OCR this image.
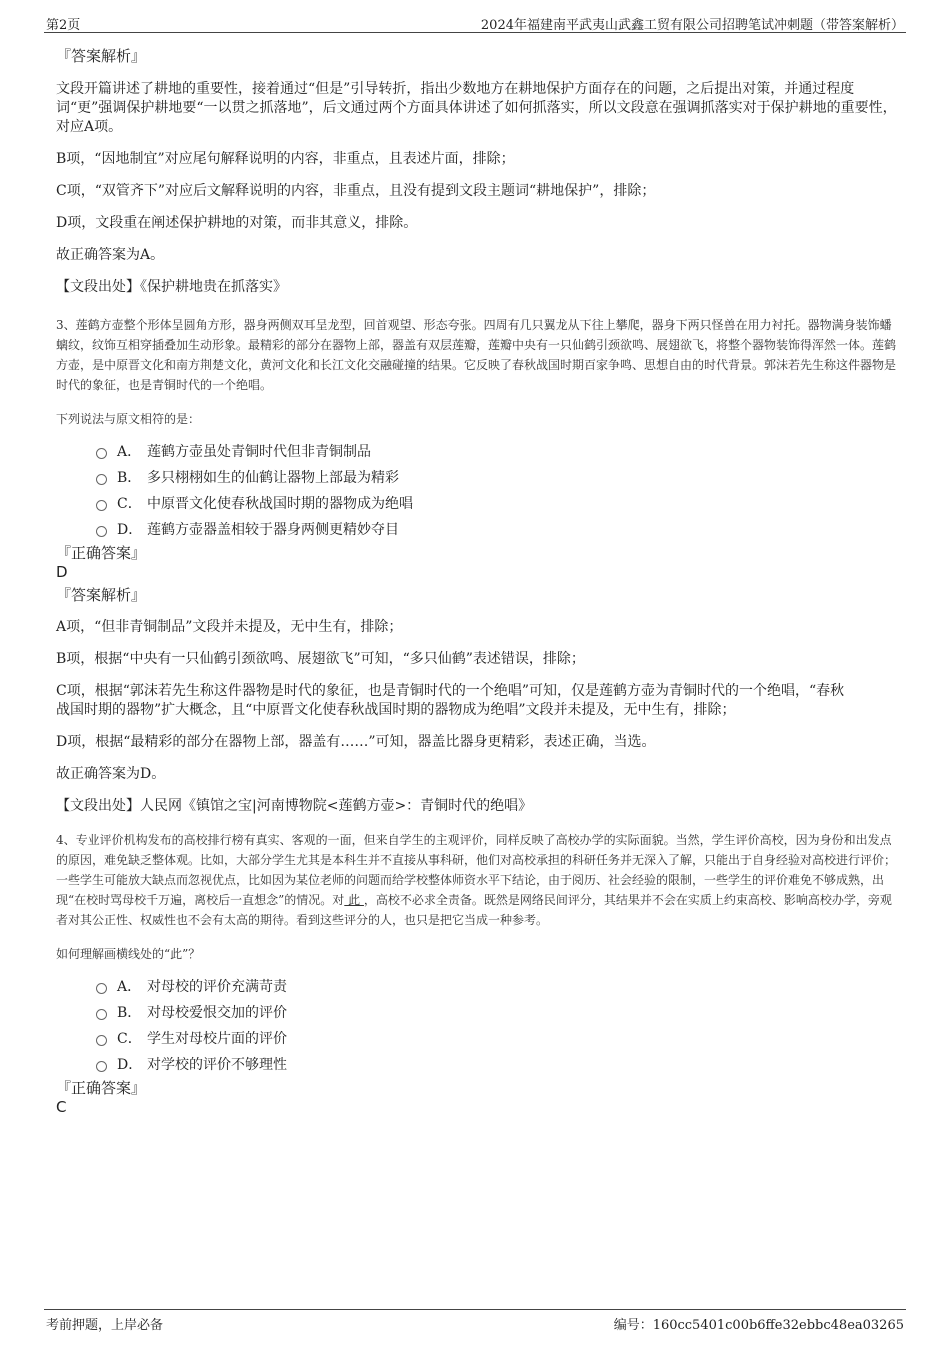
第2页	2024年福建南平武夷山武鑫工贸有限公司招聘笔试冲刺题（带答案解析）

『答案解析』

文段开篇讲述了耕地的重要性，接着通过“但是”引导转折，指出少数地方在耕地保护方面存在的问题，之后提出对策，并通过程度词“更”强调保护耕地要“一以贯之抓落地”，后文通过两个方面具体讲述了如何抓落实，所以文段意在强调抓落实对于保护耕地的重要性，对应A项。

B项，“因地制宜”对应尾句解释说明的内容，非重点，且表述片面，排除；

C项，“双管齐下”对应后文解释说明的内容，非重点，且没有提到文段主题词“耕地保护”，排除；

D项，文段重在阐述保护耕地的对策，而非其意义，排除。

故正确答案为A。

【文段出处】《保护耕地贵在抓落实》

3、莲鹤方壶整个形体呈圆角方形，器身两侧双耳呈龙型，回首观望、形态夸张。四周有几只翼龙从下往上攀爬，器身下两只怪兽在用力衬托。器物满身装饰蟠螭纹，纹饰互相穿插叠加生动形象。最精彩的部分在器物上部，器盖有双层莲瓣，莲瓣中央有一只仙鹤引颈欲鸣、展翅欲飞，将整个器物装饰得浑然一体。莲鹤方壶，是中原晋文化和南方荆楚文化，黄河文化和长江文化交融碰撞的结果。它反映了春秋战国时期百家争鸣、思想自由的时代背景。郭沫若先生称这件器物是时代的象征，也是青铜时代的一个绝唱。

下列说法与原文相符的是：

A． 莲鹤方壶虽处青铜时代但非青铜制品
B． 多只栩栩如生的仙鹤让器物上部最为精彩
C． 中原晋文化使春秋战国时期的器物成为绝唱
D． 莲鹤方壶器盖相较于器身两侧更精妙夺目

『正确答案』

D

『答案解析』

A项，“但非青铜制品”文段并未提及，无中生有，排除；

B项，根据“中央有一只仙鹤引颈欲鸣、展翅欲飞”可知，“多只仙鹤”表述错误，排除；

C项，根据“郭沫若先生称这件器物是时代的象征，也是青铜时代的一个绝唱”可知，仅是莲鹤方壶为青铜时代的一个绝唱，“春秋战国时期的器物”扩大概念，且“中原晋文化使春秋战国时期的器物成为绝唱”文段并未提及，无中生有，排除；

D项，根据“最精彩的部分在器物上部，器盖有……”可知，器盖比器身更精彩，表述正确，当选。

故正确答案为D。

【文段出处】人民网《镇馆之宝|河南博物院<莲鹤方壶>：青铜时代的绝唱》

4、专业评价机构发布的高校排行榜有真实、客观的一面，但来自学生的主观评价，同样反映了高校办学的实际面貌。当然，学生评价高校，因为身份和出发点的原因，难免缺乏整体观。比如，大部分学生尤其是本科生并不直接从事科研，他们对高校承担的科研任务并无深入了解，只能出于自身经验对高校进行评价；一些学生可能放大缺点而忽视优点，比如因为某位老师的问题而给学校整体师资水平下结论，由于阅历、社会经验的限制，一些学生的评价难免不够成熟，出现“在校时骂母校千万遍，离校后一直想念”的情况。对 此 ，高校不必求全责备。既然是网络民间评分，其结果并不会在实质上约束高校、影响高校办学，旁观者对其公正性、权威性也不会有太高的期待。看到这些评分的人，也只是把它当成一种参考。

如何理解画横线处的“此”？

A． 对母校的评价充满苛责
B． 对母校爱恨交加的评价
C． 学生对母校片面的评价
D． 对学校的评价不够理性

『正确答案』

C

考前押题，上岸必备	编号：160cc5401c00b6ffe32ebbc48ea03265
